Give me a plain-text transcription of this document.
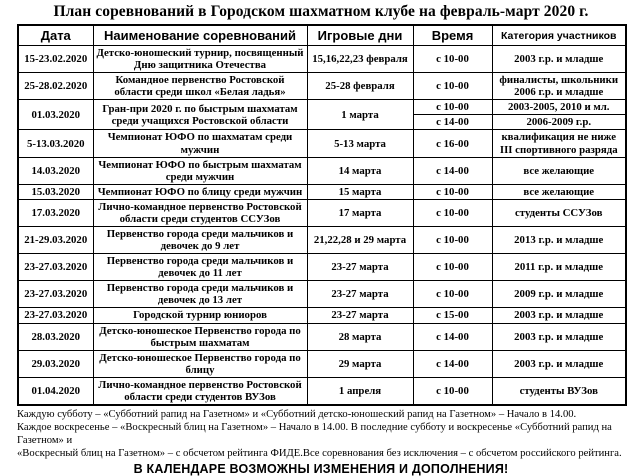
План соревнований в Городском шахматном клубе на февраль-март 2020 г.
Дата	Наименование соревнований	Игровые дни	Время	Категория участников
15-23.02.2020	Детско-юношеский турнир, посвященный Дню защитника Отечества	15,16,22,23 февраля	с 10-00	2003 г.р. и младше
25-28.02.2020	Командное первенство Ростовской области среди школ «Белая ладья»	25-28 февраля	с 10-00	финалисты, школьники 2006 г.р. и младше
01.03.2020	Гран-при 2020 г. по быстрым шахматам среди учащихся Ростовской области	1 марта	с 10-00	2003-2005, 2010 и мл.
			с 14-00	2006-2009 г.р.
5-13.03.2020	Чемпионат ЮФО по шахматам среди мужчин	5-13 марта	с 16-00	квалификация не ниже III спортивного разряда
14.03.2020	Чемпионат ЮФО по быстрым шахматам среди мужчин	14 марта	с 14-00	все желающие
15.03.2020	Чемпионат ЮФО по блицу среди мужчин	15 марта	с 10-00	все желающие
17.03.2020	Лично-командное первенство Ростовской области среди студентов ССУЗов	17 марта	с 10-00	студенты ССУЗов
21-29.03.2020	Первенство города среди мальчиков и девочек до 9 лет	21,22,28 и 29 марта	с 10-00	2013 г.р. и младше
23-27.03.2020	Первенство города среди мальчиков и девочек до 11 лет	23-27 марта	с 10-00	2011 г.р. и младше
23-27.03.2020	Первенство города среди мальчиков и девочек до 13 лет	23-27 марта	с 10-00	2009 г.р. и младше
23-27.03.2020	Городской турнир юниоров	23-27 марта	с 15-00	2003 г.р. и младше
28.03.2020	Детско-юношеское Первенство города по быстрым шахматам	28 марта	с 14-00	2003 г.р. и младше
29.03.2020	Детско-юношеское Первенство города по блицу	29 марта	с 14-00	2003 г.р. и младше
01.04.2020	Лично-командное первенство Ростовской области среди студентов ВУЗов	1 апреля	с 10-00	студенты ВУЗов
Каждую субботу – «Субботний рапид на Газетном» и «Субботний детско-юношеский рапид на Газетном» – Начало в 14.00.
Каждое воскресенье – «Воскресный блиц на Газетном» – Начало в 14.00. В последние субботу и воскресенье «Субботний рапид на Газетном» и
«Воскресный блиц на Газетном» – с обсчетом рейтинга ФИДЕ.Все соревнования без исключения – с обсчетом российского рейтинга.
В КАЛЕНДАРЕ ВОЗМОЖНЫ ИЗМЕНЕНИЯ И ДОПОЛНЕНИЯ!
